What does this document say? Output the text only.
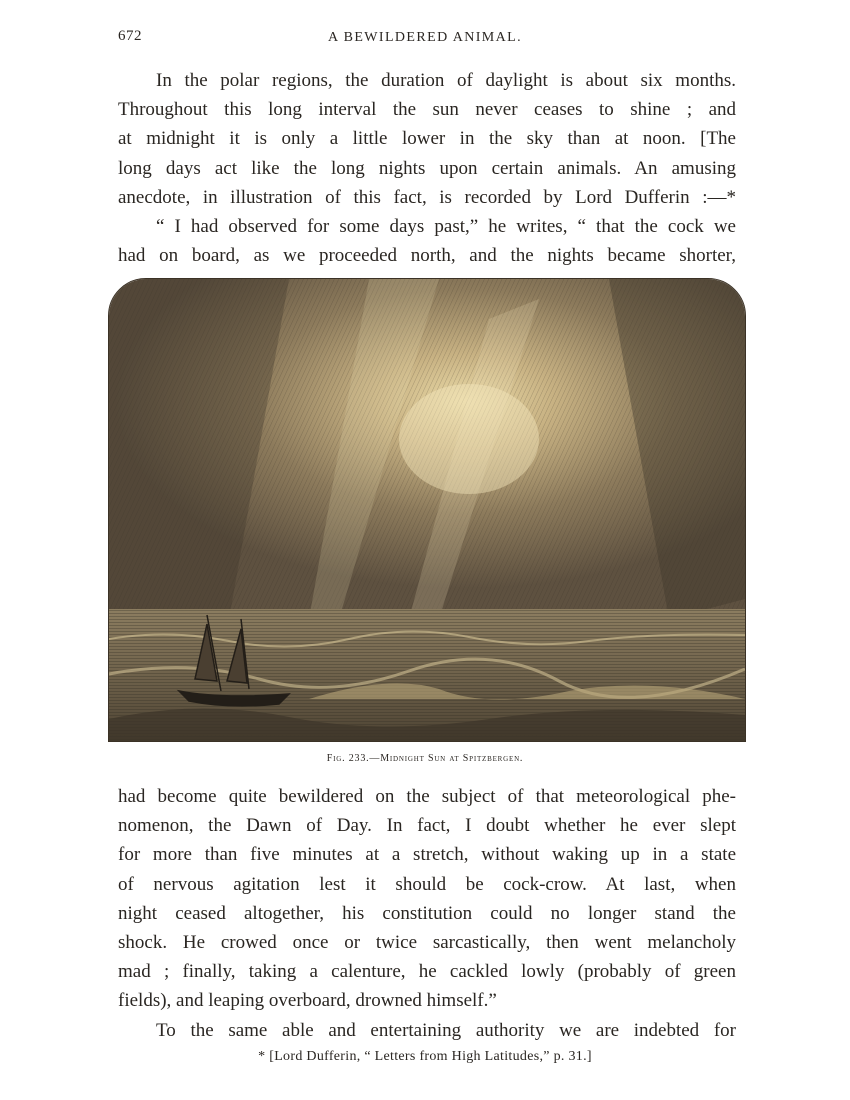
672	A BEWILDERED ANIMAL.
In the polar regions, the duration of daylight is about six months.
Throughout this long interval the sun never ceases to shine ; and
at midnight it is only a little lower in the sky than at noon. [The
long days act like the long nights upon certain animals. An amusing
anecdote, in illustration of this fact, is recorded by Lord Dufferin :—*
“ I had observed for some days past,” he writes, “ that the cock we
had on board, as we proceeded north, and the nights became shorter,
Fig. 233.—Midnight Sun at Spitzbergen.
had become quite bewildered on the subject of that meteorological phe-
nomenon, the Dawn of Day. In fact, I doubt whether he ever slept
for more than five minutes at a stretch, without waking up in a state
of nervous agitation lest it should be cock-crow. At last, when
night ceased altogether, his constitution could no longer stand the
shock. He crowed once or twice sarcastically, then went melancholy
mad ; finally, taking a calenture, he cackled lowly (probably of green
fields), and leaping overboard, drowned himself.”
To the same able and entertaining authority we are indebted for
* [Lord Dufferin, “ Letters from High Latitudes,” p. 31.]
